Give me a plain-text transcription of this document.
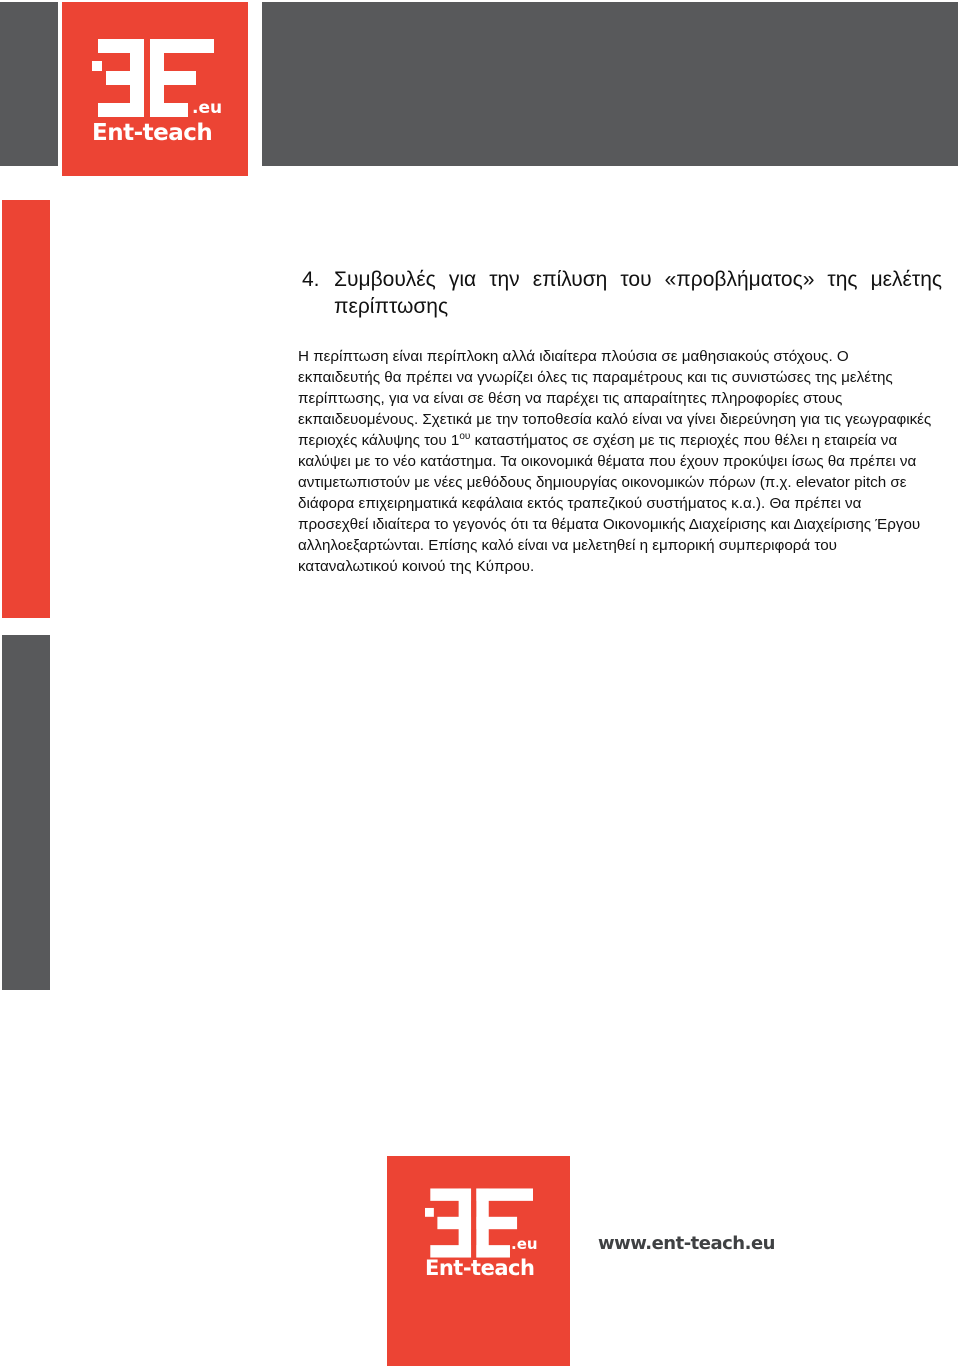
.eu
Ent-teach
4. Συμβουλές για την επίλυση του «προβλήματος» της μελέτης περίπτωσης

Η περίπτωση είναι περίπλοκη αλλά ιδιαίτερα πλούσια σε μαθησιακούς στόχους. Ο εκπαιδευτής θα πρέπει να γνωρίζει όλες τις παραμέτρους και τις συνιστώσες της μελέτης περίπτωσης, για να είναι σε θέση να παρέχει τις απαραίτητες πληροφορίες στους εκπαιδευομένους. Σχετικά με την τοποθεσία καλό είναι να γίνει διερεύνηση για τις γεωγραφικές περιοχές κάλυψης του $1^{o\upsilon}$ καταστήματος σε σχέση με τις περιοχές που θέλει η εταιρεία να καλύψει με το νέο κατάστημα. Τα οικονομικά θέματα που έχουν προκύψει ίσως θα πρέπει να αντιμετωπιστούν με νέες μεθόδους δημιουργίας οικονομικών πόρων (π.χ. elevator pitch σε διάφορα επιχειρηματικά κεφάλαια εκτός τραπεζικού συστήματος κ.α.). Θα πρέπει να προσεχθεί ιδιαίτερα το γεγονός ότι τα θέματα Οικονομικής Διαχείρισης και Διαχείρισης Έργου αλληλοεξαρτώνται. Επίσης καλό είναι να μελετηθεί η εμπορική συμπεριφορά του καταναλωτικού κοινού της Κύπρου.

.eu
Ent-teach
www.ent-teach.eu
